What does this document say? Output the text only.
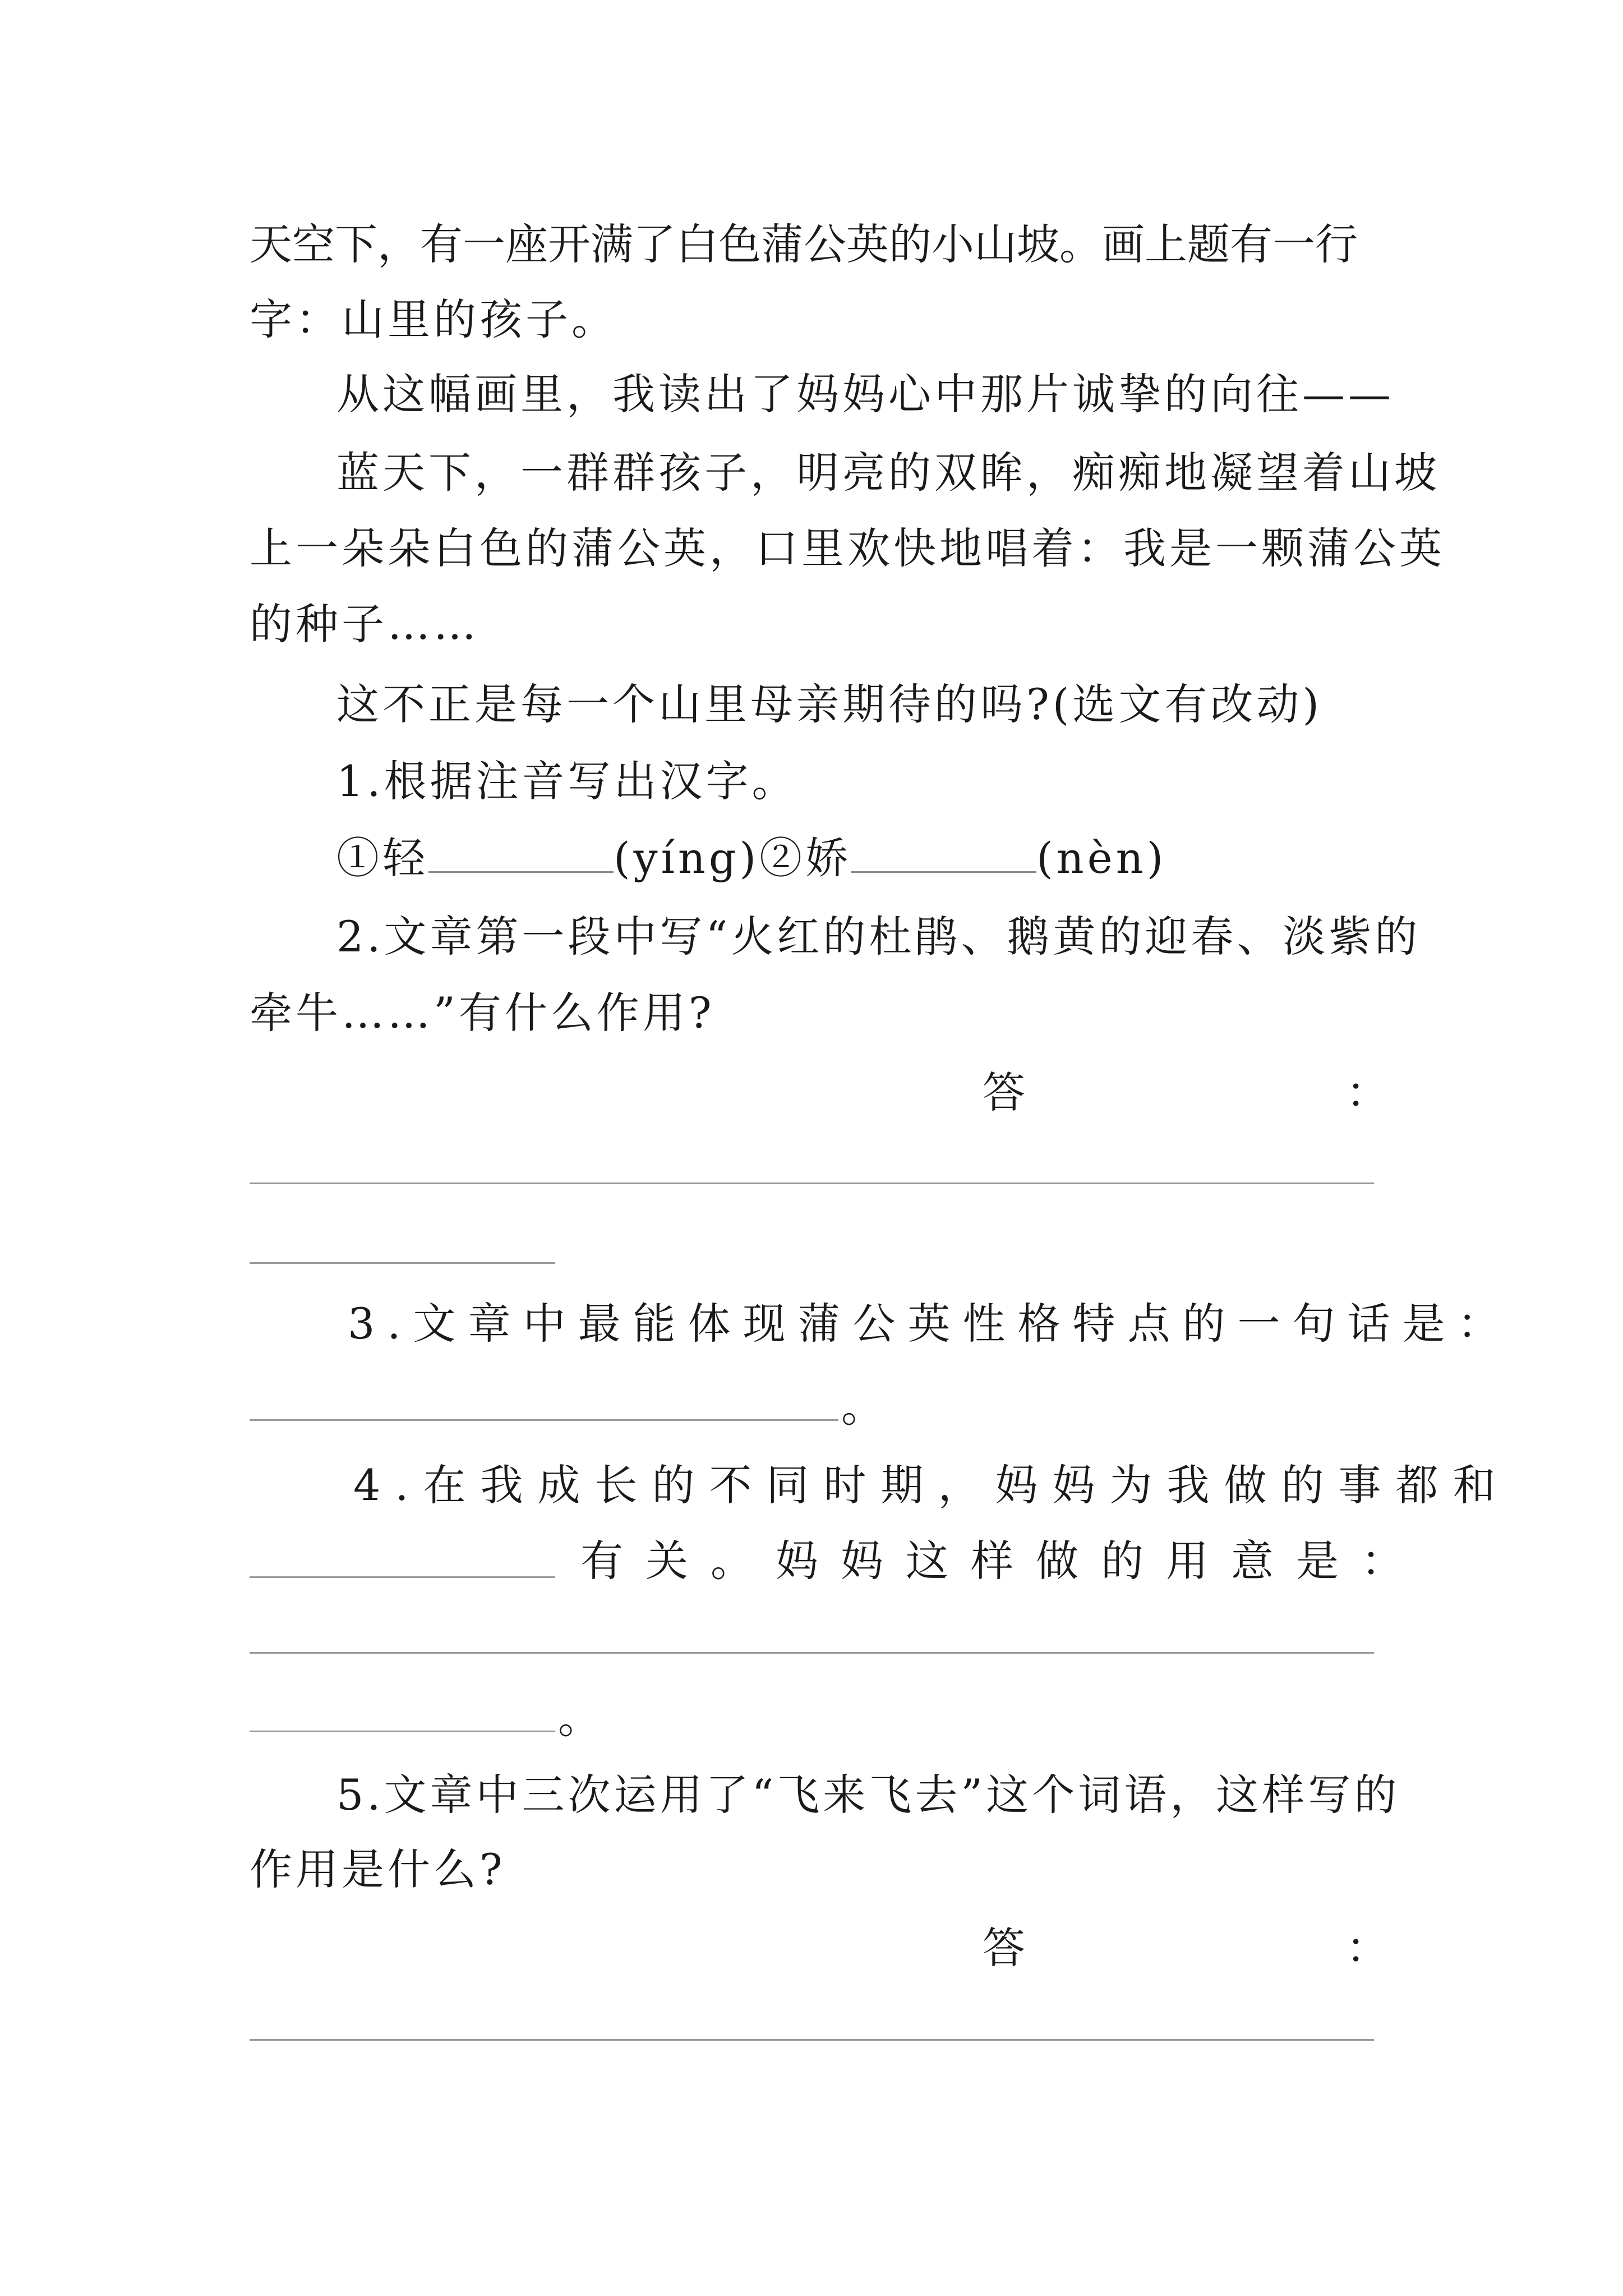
天空下，有一座开满了白色蒲公英的小山坡。画上题有一行
字：山里的孩子。
从这幅画里，我读出了妈妈心中那片诚挚的向往——
蓝天下，一群群孩子，明亮的双眸，痴痴地凝望着山坡
上一朵朵白色的蒲公英，口里欢快地唱着：我是一颗蒲公英
的种子……
这不正是每一个山里母亲期待的吗?(选文有改动)
1.根据注音写出汉字。
①轻	(yíng)②娇	(nèn)
2.文章第一段中写“火红的杜鹃、鹅黄的迎春、淡紫的
牵牛……”有什么作用?
答	：
3.文章中最能体现蒲公英性格特点的一句话是：
。
4.在我成长的不同时期，妈妈为我做的事都和
有关。妈妈这样做的用意是：
。
5.文章中三次运用了“飞来飞去”这个词语，这样写的
作用是什么?
答	：
